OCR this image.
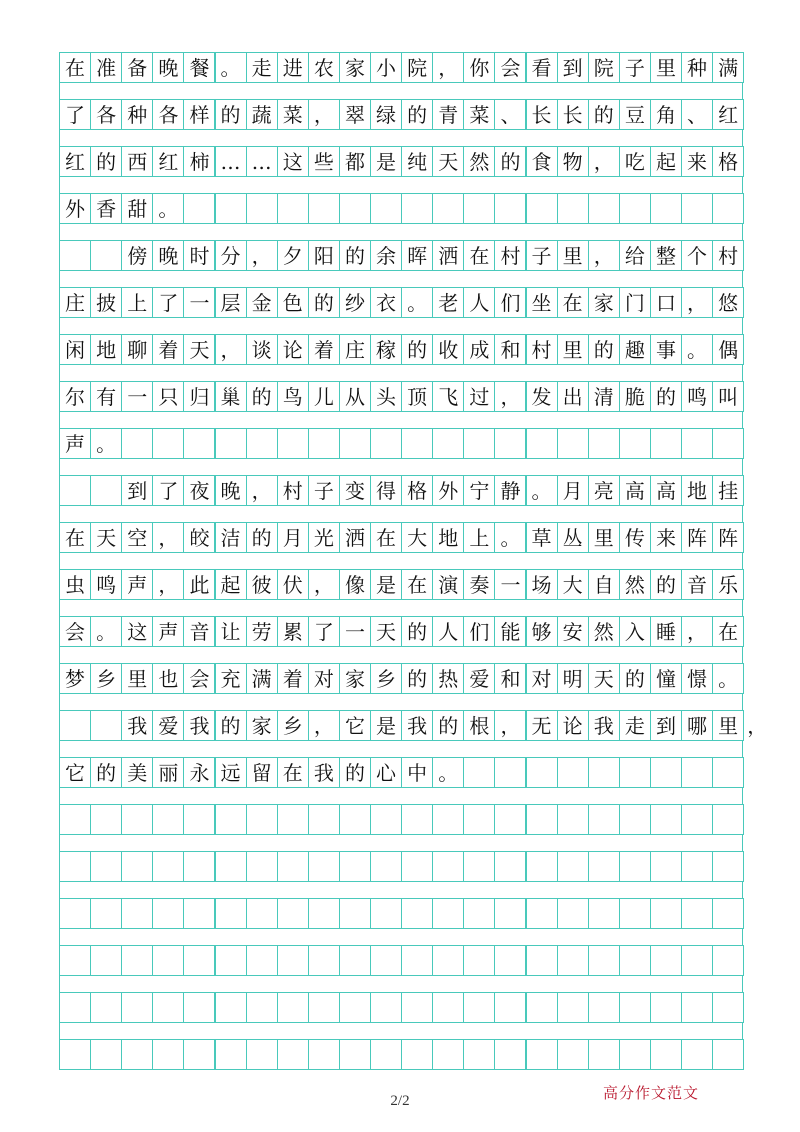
在 准 备 晚 餐 。 走 进 农 家 小 院 ， 你 会 看 到 院 子 里 种 满
了 各 种 各 样 的 蔬 菜 ， 翠 绿 的 青 菜 、 长 长 的 豆 角 、 红
红 的 西 红 柿 … … 这 些 都 是 纯 天 然 的 食 物 ， 吃 起 来 格
外 香 甜 。
傍 晚 时 分 ， 夕 阳 的 余 晖 洒 在 村 子 里 ， 给 整 个 村
庄 披 上 了 一 层 金 色 的 纱 衣 。 老 人 们 坐 在 家 门 口 ， 悠
闲 地 聊 着 天 ， 谈 论 着 庄 稼 的 收 成 和 村 里 的 趣 事 。 偶
尔 有 一 只 归 巢 的 鸟 儿 从 头 顶 飞 过 ， 发 出 清 脆 的 鸣 叫
声 。
到 了 夜 晚 ， 村 子 变 得 格 外 宁 静 。 月 亮 高 高 地 挂
在 天 空 ， 皎 洁 的 月 光 洒 在 大 地 上 。 草 丛 里 传 来 阵 阵
虫 鸣 声 ， 此 起 彼 伏 ， 像 是 在 演 奏 一 场 大 自 然 的 音 乐
会 。 这 声 音 让 劳 累 了 一 天 的 人 们 能 够 安 然 入 睡 ， 在
梦 乡 里 也 会 充 满 着 对 家 乡 的 热 爱 和 对 明 天 的 憧 憬 。
我 爱 我 的 家 乡 ， 它 是 我 的 根 ， 无 论 我 走 到 哪 里 ，
它 的 美 丽 永 远 留 在 我 的 心 中 。
2/2	高分作文范文
